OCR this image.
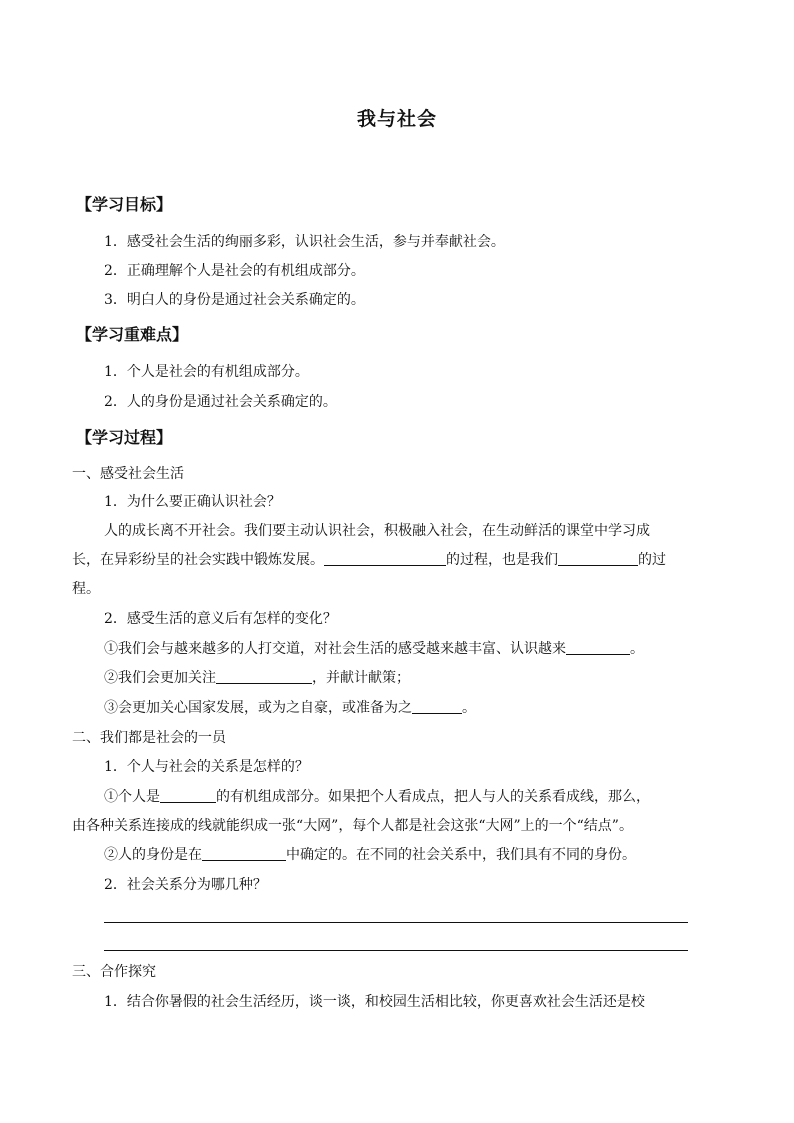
我与社会
【学习目标】
1．感受社会生活的绚丽多彩，认识社会生活，参与并奉献社会。
2．正确理解个人是社会的有机组成部分。
3．明白人的身份是通过社会关系确定的。
【学习重难点】
1．个人是社会的有机组成部分。
2．人的身份是通过社会关系确定的。
【学习过程】
一、感受社会生活
1．为什么要正确认识社会？
人的成长离不开社会。我们要主动认识社会，积极融入社会，在生动鲜活的课堂中学习成
长，在异彩纷呈的社会实践中锻炼发展。	的过程，也是我们	的过
程。
2．感受生活的意义后有怎样的变化？
①我们会与越来越多的人打交道，对社会生活的感受越来越丰富、认识越来	。
②我们会更加关注	，并献计献策；
③会更加关心国家发展，或为之自豪，或准备为之	。
二、我们都是社会的一员
1．个人与社会的关系是怎样的？
①个人是	的有机组成部分。如果把个人看成点，把人与人的关系看成线，那么，
由各种关系连接成的线就能织成一张“大网”，每个人都是社会这张“大网”上的一个“结点”。
②人的身份是在	中确定的。在不同的社会关系中，我们具有不同的身份。
2．社会关系分为哪几种？
三、合作探究
1．结合你暑假的社会生活经历，谈一谈，和校园生活相比较，你更喜欢社会生活还是校
